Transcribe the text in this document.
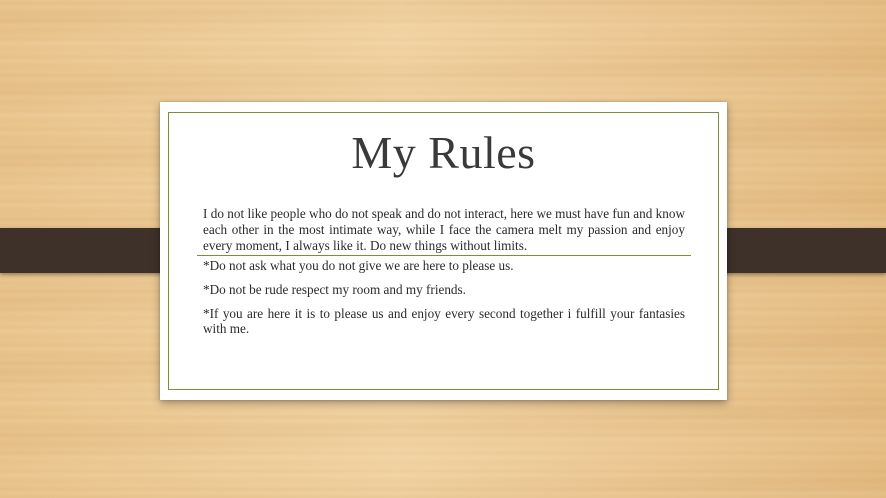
My Rules
I do not like people who do not speak and do not interact, here we must have fun and know each other in the most intimate way, while I face the camera melt my passion and enjoy every moment, I always like it. Do new things without limits.
*Do not ask what you do not give we are here to please us.
*Do not be rude respect my room and my friends.
*If you are here it is to please us and enjoy every second together i fulfill your fantasies with me.
